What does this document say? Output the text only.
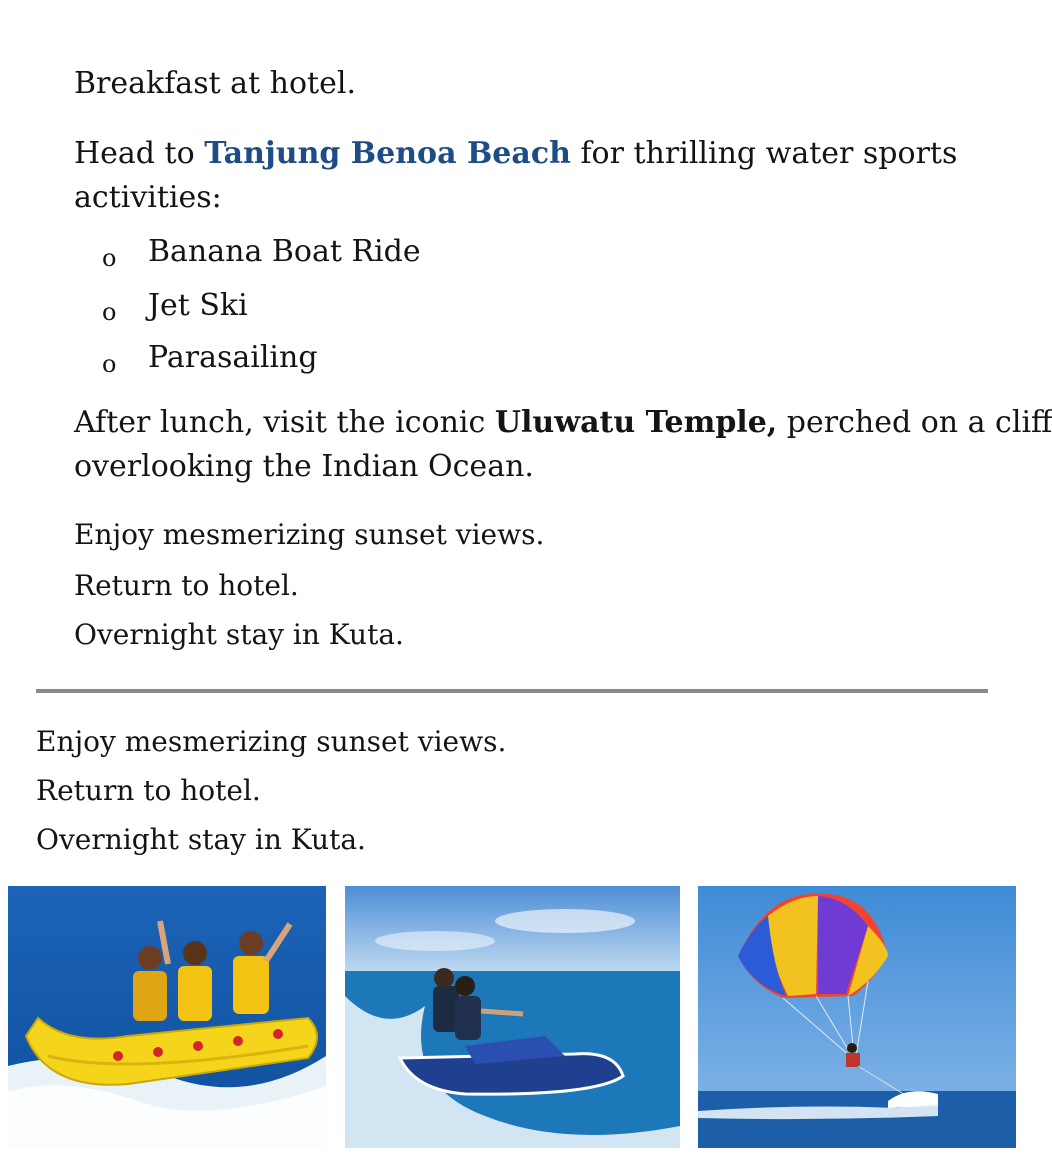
Breakfast at hotel.

Head to Tanjung Benoa Beach for thrilling water sports

activities:

o Banana Boat Ride

o Jet Ski

o Parasailing

After lunch, visit the iconic Uluwatu Temple, perched on a cliff

overlooking the Indian Ocean.

Enjoy mesmerizing sunset views.

Return to hotel.

Overnight stay in Kuta.

Enjoy mesmerizing sunset views.

Return to hotel.

Overnight stay in Kuta.
